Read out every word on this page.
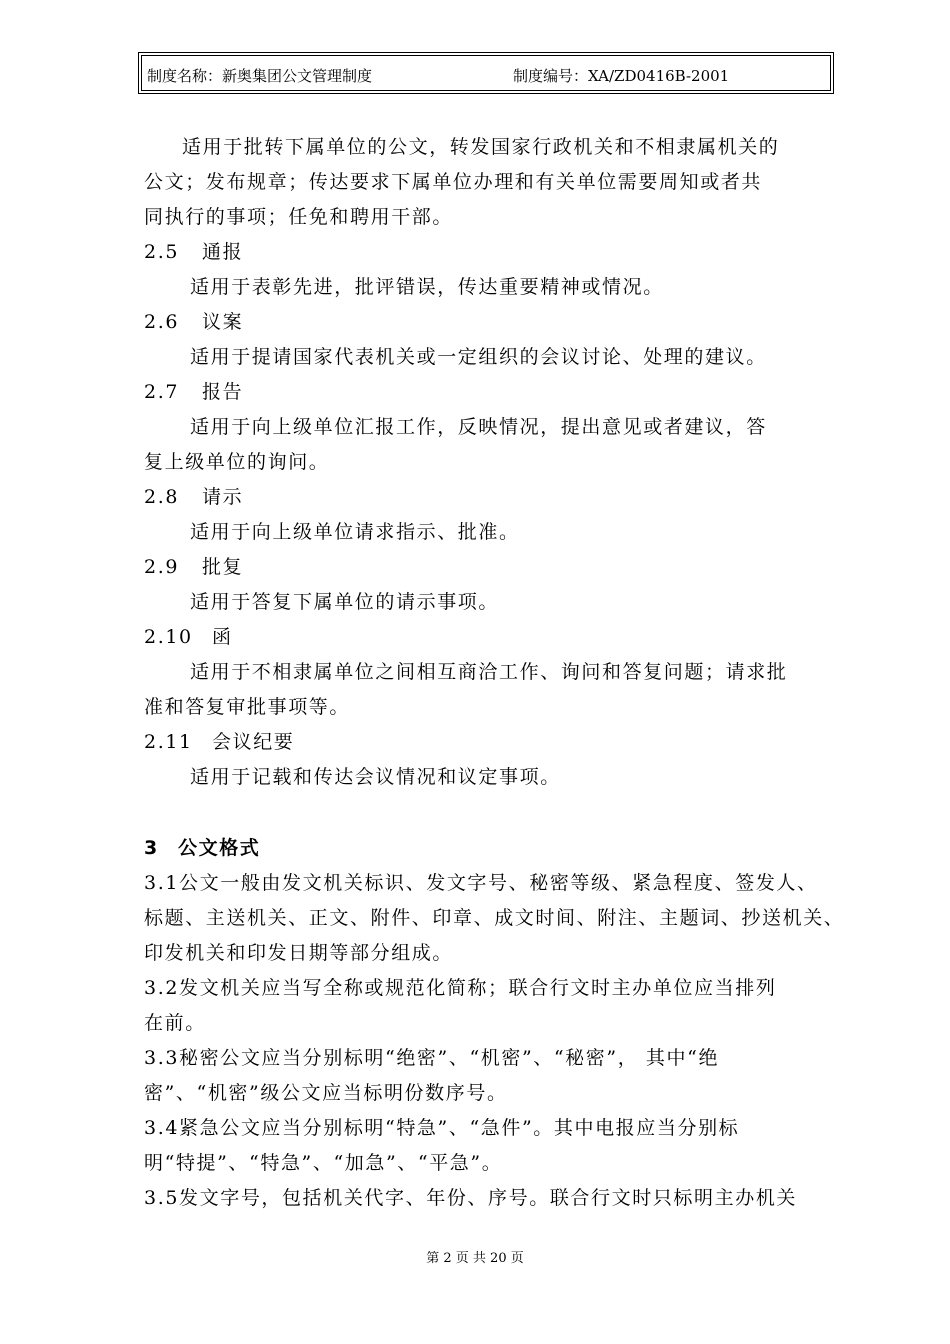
制度名称：新奥集团公文管理制度	制度编号：XA/ZD0416B-2001
适用于批转下属单位的公文，转发国家行政机关和不相隶属机关的
公文；发布规章；传达要求下属单位办理和有关单位需要周知或者共
同执行的事项；任免和聘用干部。
2.5 通报
适用于表彰先进，批评错误，传达重要精神或情况。
2.6 议案
适用于提请国家代表机关或一定组织的会议讨论、处理的建议。
2.7 报告
适用于向上级单位汇报工作，反映情况，提出意见或者建议，答
复上级单位的询问。
2.8 请示
适用于向上级单位请求指示、批准。
2.9 批复
适用于答复下属单位的请示事项。
2.10 函
适用于不相隶属单位之间相互商洽工作、询问和答复问题；请求批
准和答复审批事项等。
2.11 会议纪要
适用于记载和传达会议情况和议定事项。
3 公文格式
3.1公文一般由发文机关标识、发文字号、秘密等级、紧急程度、签发人、
标题、主送机关、正文、附件、印章、成文时间、附注、主题词、抄送机关、
印发机关和印发日期等部分组成。
3.2发文机关应当写全称或规范化简称；联合行文时主办单位应当排列
在前。
3.3秘密公文应当分别标明“绝密”、“机密”、“秘密”， 其中“绝
密”、“机密”级公文应当标明份数序号。
3.4紧急公文应当分别标明“特急”、“急件”。其中电报应当分别标
明“特提”、“特急”、“加急”、“平急”。
3.5发文字号，包括机关代字、年份、序号。联合行文时只标明主办机关
第 2 页 共 20 页
